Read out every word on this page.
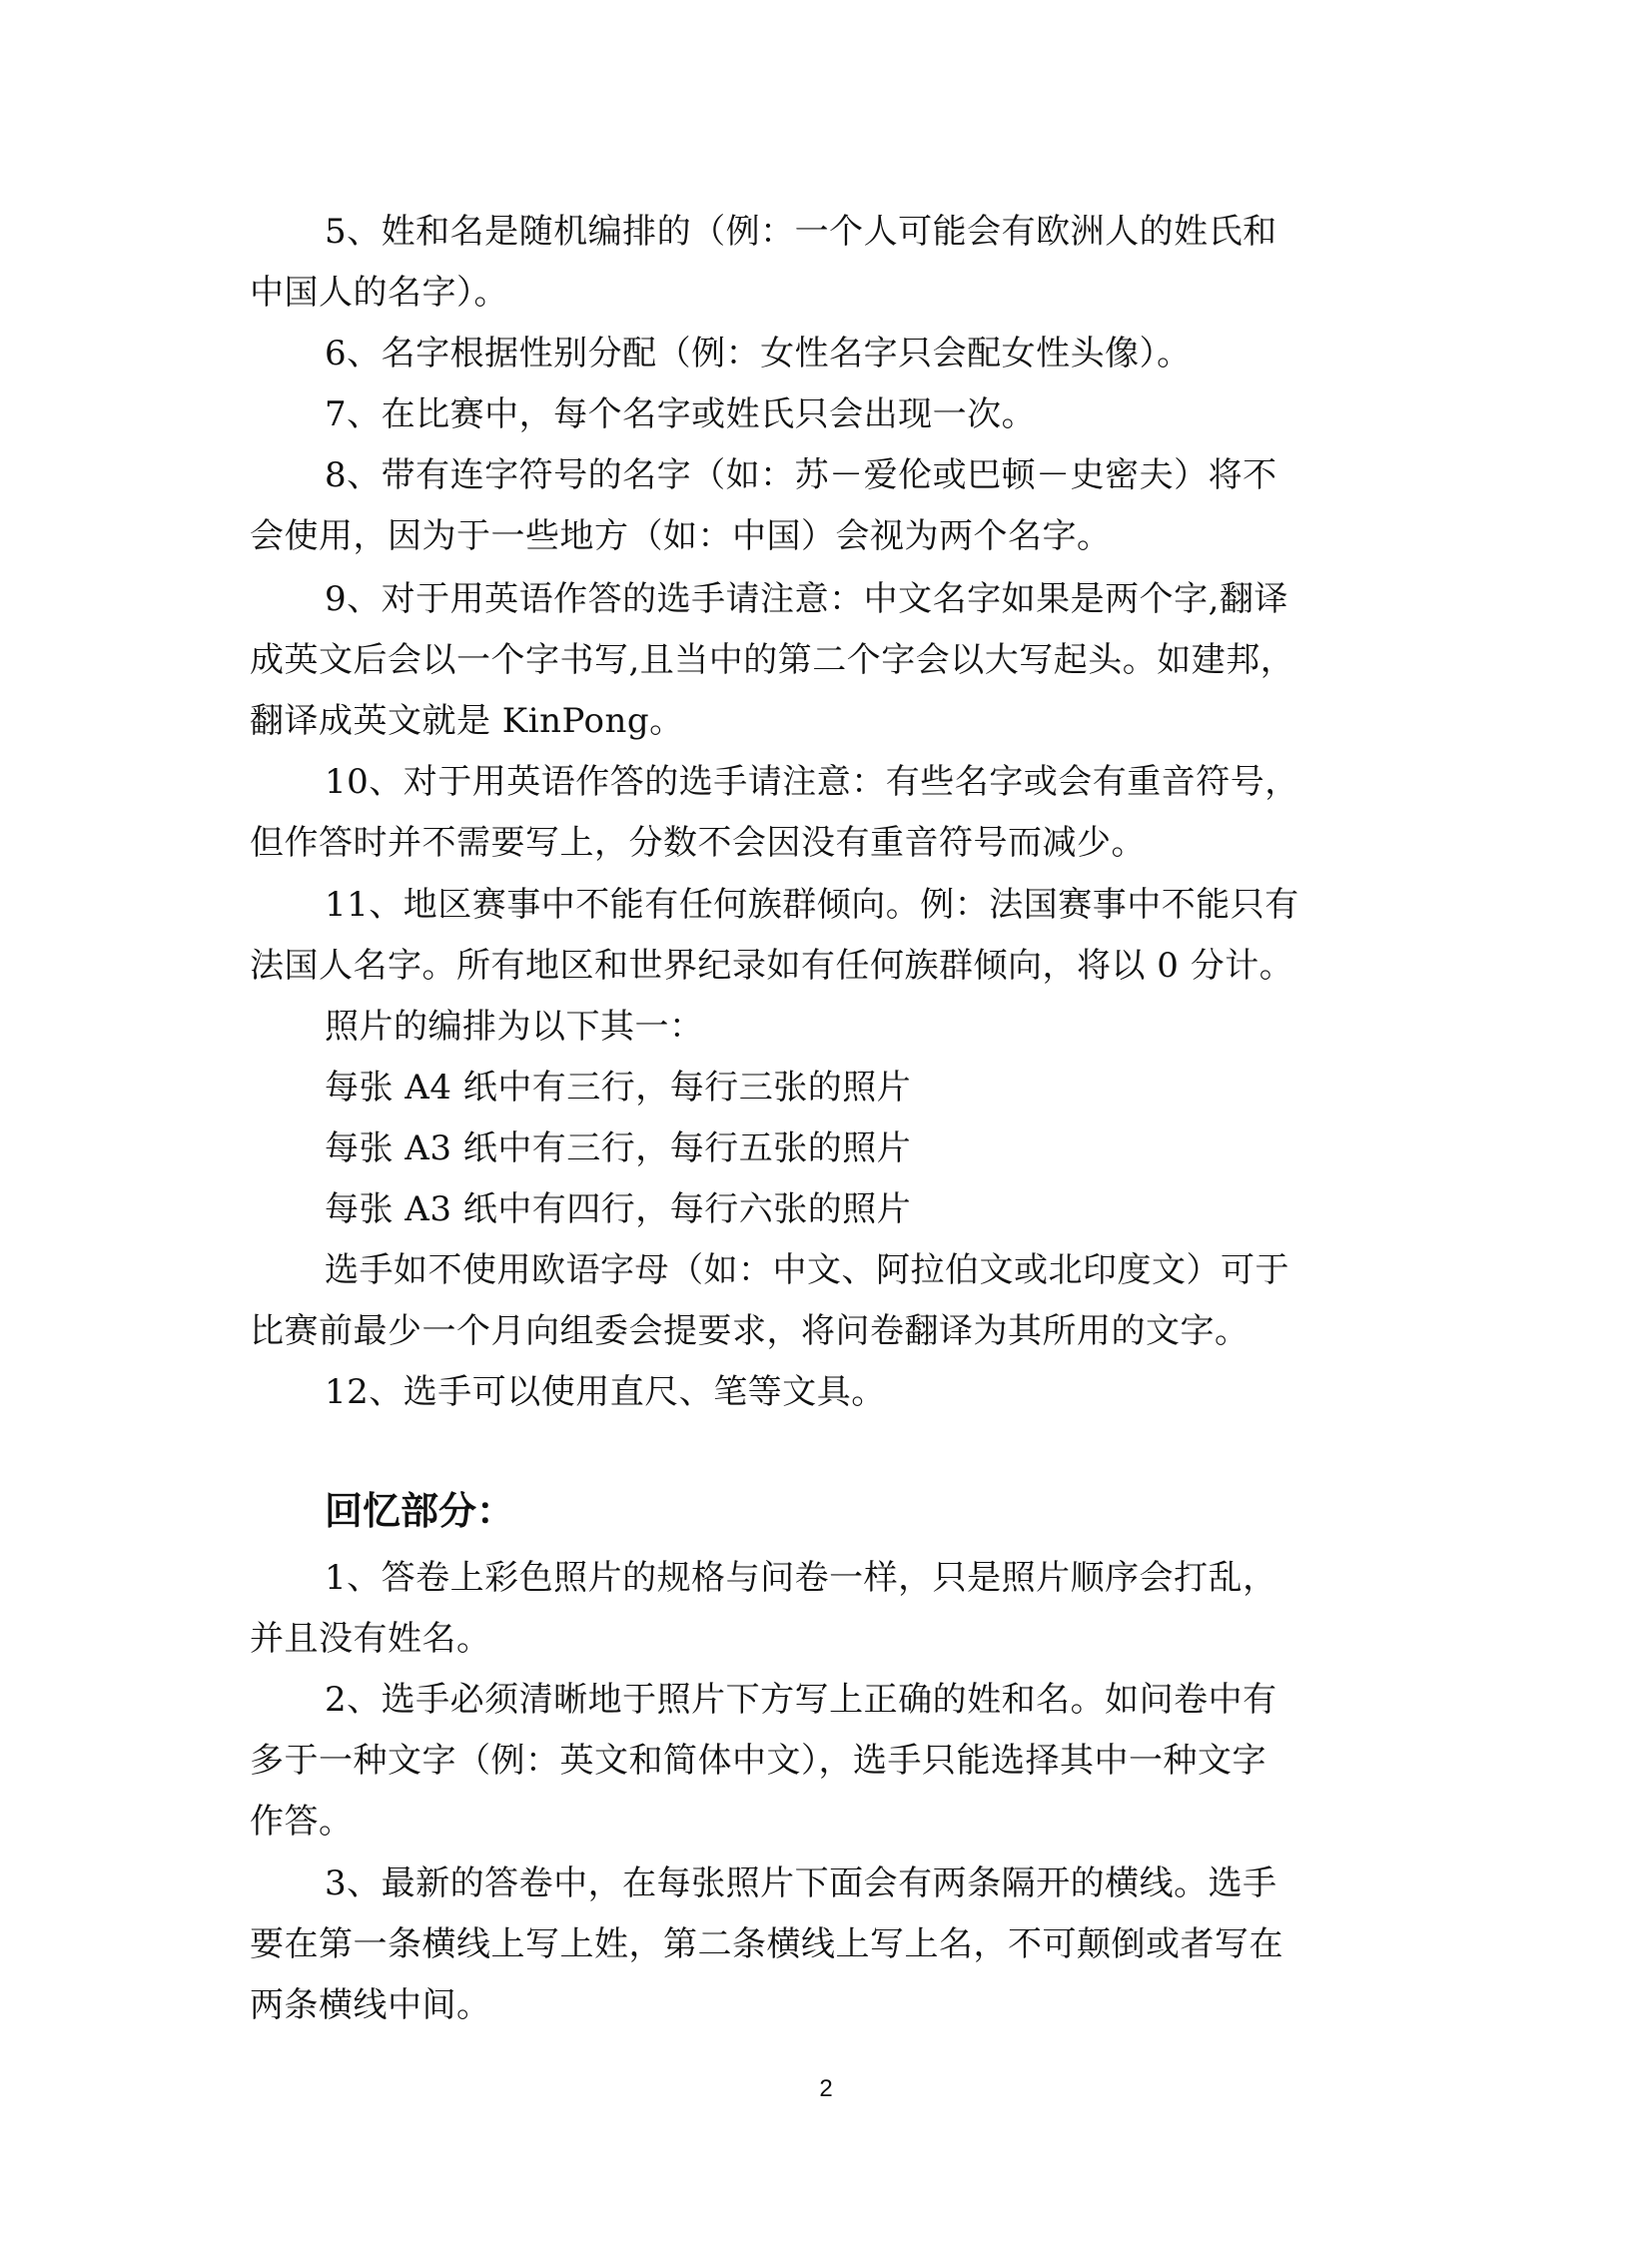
5、姓和名是随机编排的（例：一个人可能会有欧洲人的姓氏和
中国人的名字）。
6、名字根据性别分配（例：女性名字只会配女性头像）。
7、在比赛中，每个名字或姓氏只会出现一次。
8、带有连字符号的名字（如：苏－爱伦或巴顿－史密夫）将不
会使用，因为于一些地方（如：中国）会视为两个名字。
9、对于用英语作答的选手请注意：中文名字如果是两个字,翻译
成英文后会以一个字书写,且当中的第二个字会以大写起头。如建邦，
翻译成英文就是 KinPong。
10、对于用英语作答的选手请注意：有些名字或会有重音符号，
但作答时并不需要写上，分数不会因没有重音符号而减少。
11、地区赛事中不能有任何族群倾向。例：法国赛事中不能只有
法国人名字。所有地区和世界纪录如有任何族群倾向，将以 0 分计。
照片的编排为以下其一：
每张 A4 纸中有三行，每行三张的照片
每张 A3 纸中有三行，每行五张的照片
每张 A3 纸中有四行，每行六张的照片
选手如不使用欧语字母（如：中文、阿拉伯文或北印度文）可于
比赛前最少一个月向组委会提要求，将问卷翻译为其所用的文字。
12、选手可以使用直尺、笔等文具。
回忆部分：
1、答卷上彩色照片的规格与问卷一样，只是照片顺序会打乱，
并且没有姓名。
2、选手必须清晰地于照片下方写上正确的姓和名。如问卷中有
多于一种文字（例：英文和简体中文），选手只能选择其中一种文字
作答。
3、最新的答卷中，在每张照片下面会有两条隔开的横线。选手
要在第一条横线上写上姓，第二条横线上写上名，不可颠倒或者写在
两条横线中间。
2
